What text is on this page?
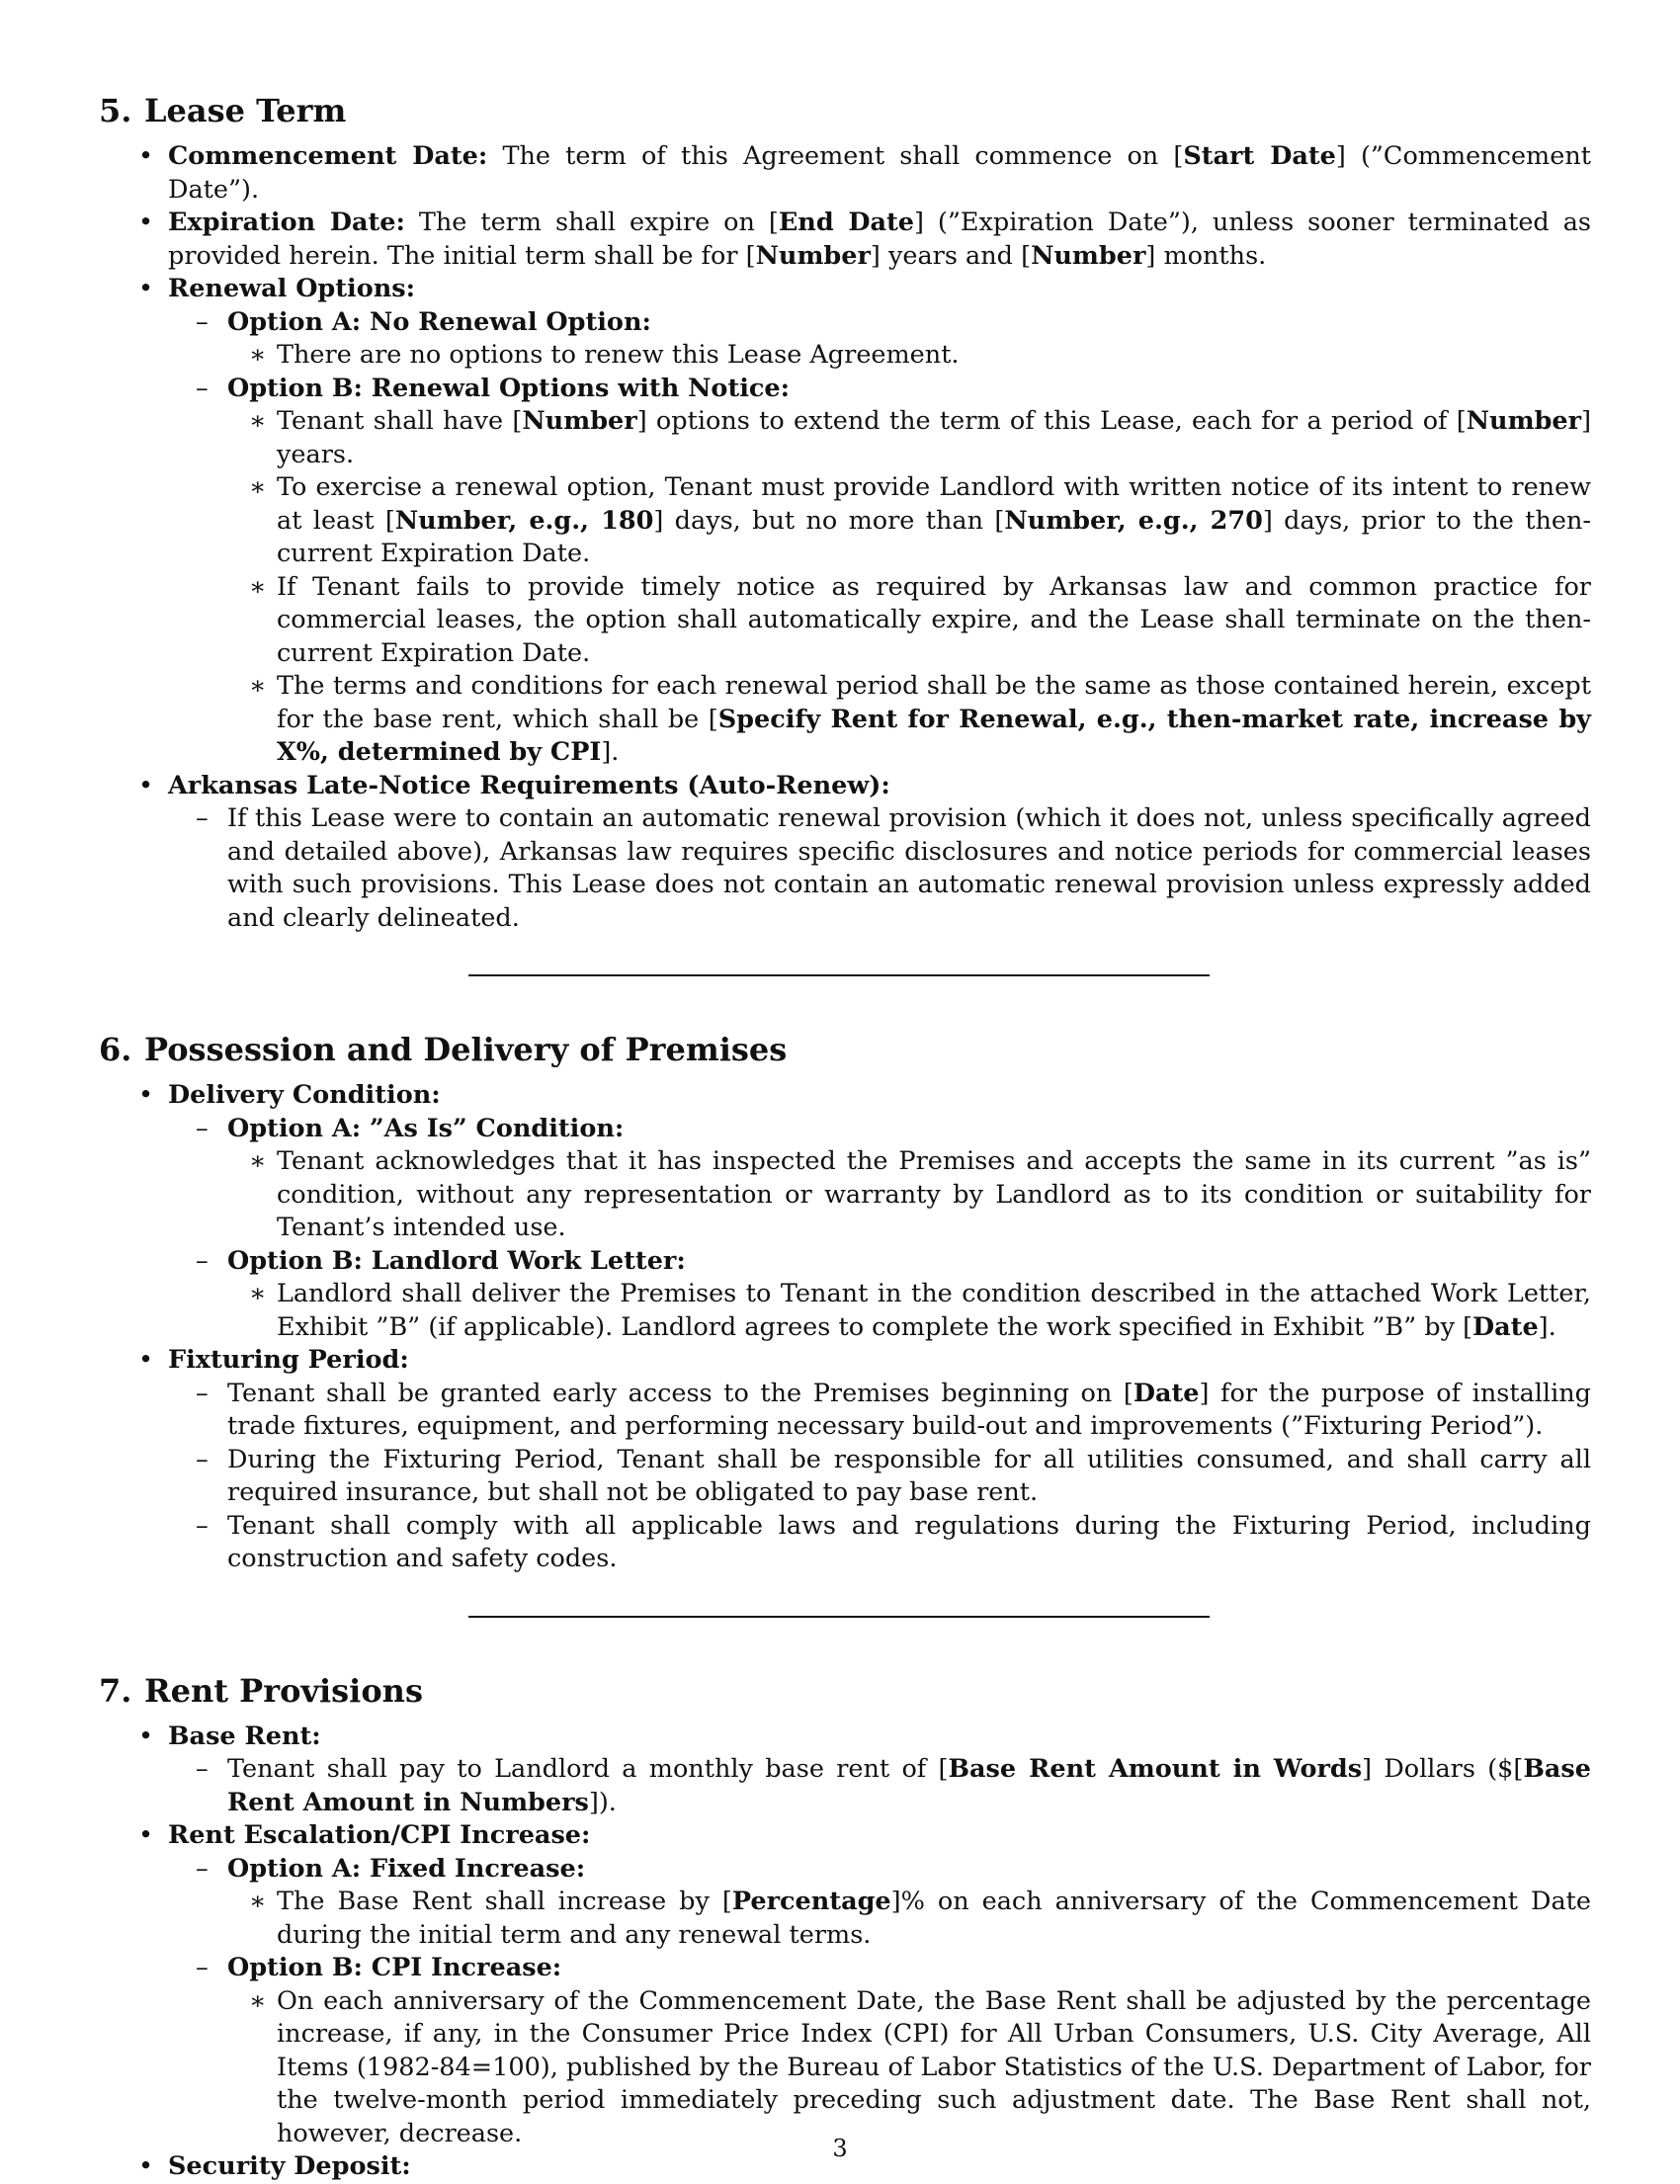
5. Lease Term
• Commencement Date: The term of this Agreement shall commence on [Start Date] (”Commencement Date”).
• Expiration Date: The term shall expire on [End Date] (”Expiration Date”), unless sooner terminated as provided herein. The initial term shall be for [Number] years and [Number] months.
• Renewal Options:
– Option A: No Renewal Option:
∗ There are no options to renew this Lease Agreement.
– Option B: Renewal Options with Notice:
∗ Tenant shall have [Number] options to extend the term of this Lease, each for a period of [Number] years.
∗ To exercise a renewal option, Tenant must provide Landlord with written notice of its intent to renew at least [Number, e.g., 180] days, but no more than [Number, e.g., 270] days, prior to the then-current Expiration Date.
∗ If Tenant fails to provide timely notice as required by Arkansas law and common practice for commercial leases, the option shall automatically expire, and the Lease shall terminate on the then-current Expiration Date.
∗ The terms and conditions for each renewal period shall be the same as those contained herein, except for the base rent, which shall be [Specify Rent for Renewal, e.g., then-market rate, increase by X%, determined by CPI].
• Arkansas Late-Notice Requirements (Auto-Renew):
– If this Lease were to contain an automatic renewal provision (which it does not, unless specifically agreed and detailed above), Arkansas law requires specific disclosures and notice periods for commercial leases with such provisions. This Lease does not contain an automatic renewal provision unless expressly added and clearly delineated.
6. Possession and Delivery of Premises
• Delivery Condition:
– Option A: ”As Is” Condition:
∗ Tenant acknowledges that it has inspected the Premises and accepts the same in its current ”as is” condition, without any representation or warranty by Landlord as to its condition or suitability for Tenant’s intended use.
– Option B: Landlord Work Letter:
∗ Landlord shall deliver the Premises to Tenant in the condition described in the attached Work Letter, Exhibit ”B” (if applicable). Landlord agrees to complete the work specified in Exhibit ”B” by [Date].
• Fixturing Period:
– Tenant shall be granted early access to the Premises beginning on [Date] for the purpose of installing trade fixtures, equipment, and performing necessary build-out and improvements (”Fixturing Period”).
– During the Fixturing Period, Tenant shall be responsible for all utilities consumed, and shall carry all required insurance, but shall not be obligated to pay base rent.
– Tenant shall comply with all applicable laws and regulations during the Fixturing Period, including construction and safety codes.
7. Rent Provisions
• Base Rent:
– Tenant shall pay to Landlord a monthly base rent of [Base Rent Amount in Words] Dollars ($[Base Rent Amount in Numbers]).
• Rent Escalation/CPI Increase:
– Option A: Fixed Increase:
∗ The Base Rent shall increase by [Percentage]% on each anniversary of the Commencement Date during the initial term and any renewal terms.
– Option B: CPI Increase:
∗ On each anniversary of the Commencement Date, the Base Rent shall be adjusted by the percentage increase, if any, in the Consumer Price Index (CPI) for All Urban Consumers, U.S. City Average, All Items (1982-84=100), published by the Bureau of Labor Statistics of the U.S. Department of Labor, for the twelve-month period immediately preceding such adjustment date. The Base Rent shall not, however, decrease.
• Security Deposit:
3
